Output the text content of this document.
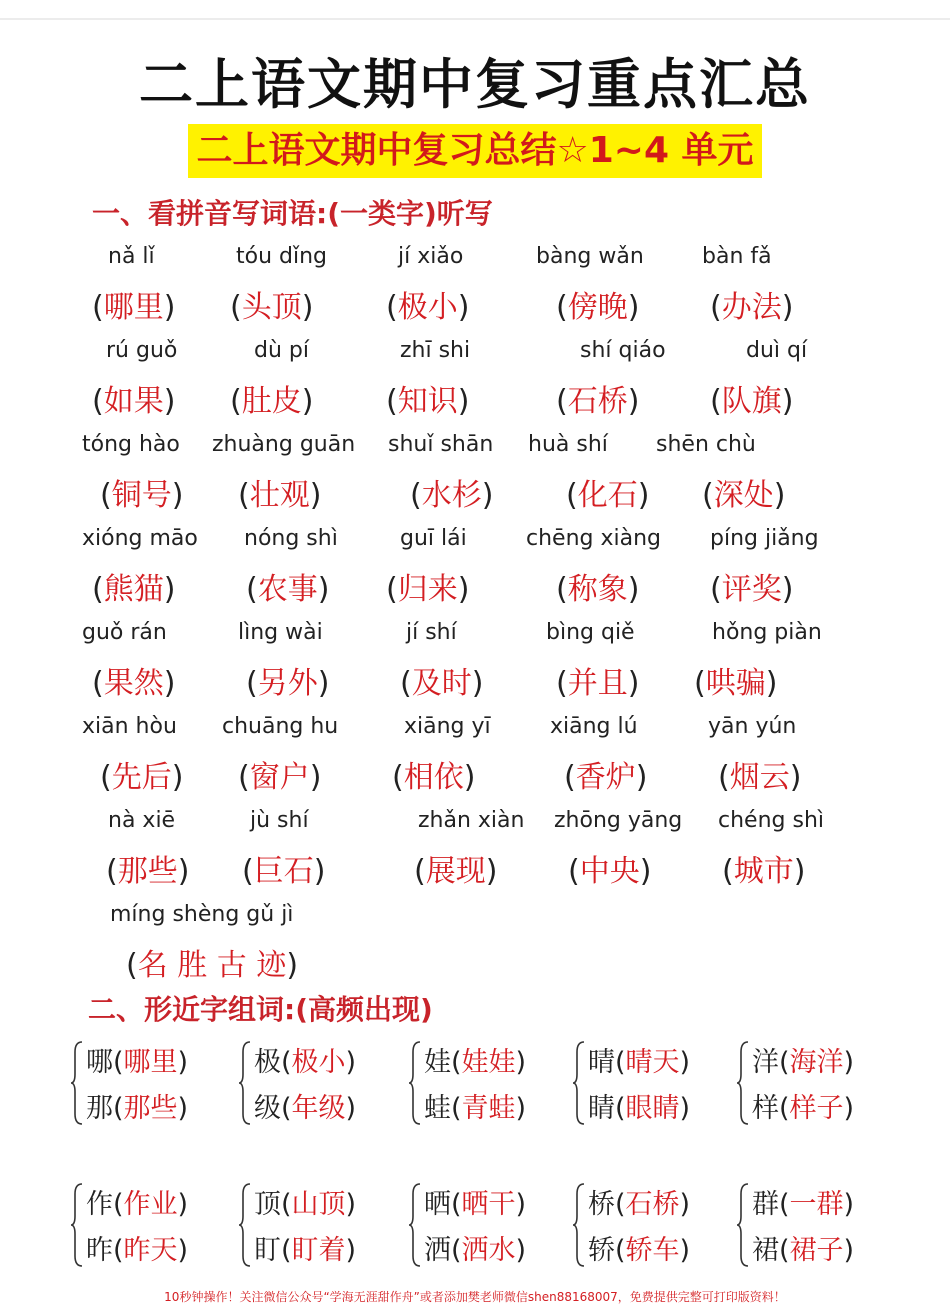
二上语文期中复习重点汇总
二上语文期中复习总结☆1~4 单元
一、看拼音写词语:(一类字)听写
nǎ lǐ
(哪里)
tóu dǐng
(头顶)
jí xiǎo
(极小)
bàng wǎn
(傍晚)
bàn fǎ
(办法)
rú guǒ
(如果)
dù pí
(肚皮)
zhī shi
(知识)
shí qiáo
(石桥)
duì qí
(队旗)
tóng hào
(铜号)
zhuàng guān
(壮观)
shuǐ shān
(水杉)
huà shí
(化石)
shēn chù
(深处)
xióng māo
(熊猫)
nóng shì
(农事)
guī lái
(归来)
chēng xiàng
(称象)
píng jiǎng
(评奖)
guǒ rán
(果然)
lìng wài
(另外)
jí shí
(及时)
bìng qiě
(并且)
hǒng piàn
(哄骗)
xiān hòu
(先后)
chuāng hu
(窗户)
xiāng yī
(相依)
xiāng lú
(香炉)
yān yún
(烟云)
nà xiē
(那些)
jù shí
(巨石)
zhǎn xiàn
(展现)
zhōng yāng
(中央)
chéng shì
(城市)
míng shèng gǔ jì
(名 胜 古 迹)
二、形近字组词:(高频出现)
哪(哪里)
那(那些)
极(极小)
级(年级)
娃(娃娃)
蛙(青蛙)
晴(晴天)
睛(眼睛)
洋(海洋)
样(样子)
作(作业)
昨(昨天)
顶(山顶)
盯(盯着)
晒(晒干)
洒(洒水)
桥(石桥)
轿(轿车)
群(一群)
裙(裙子)
10秒钟操作！关注微信公众号“学海无涯甜作舟”或者添加樊老师微信shen88168007，免费提供完整可打印版资料！
